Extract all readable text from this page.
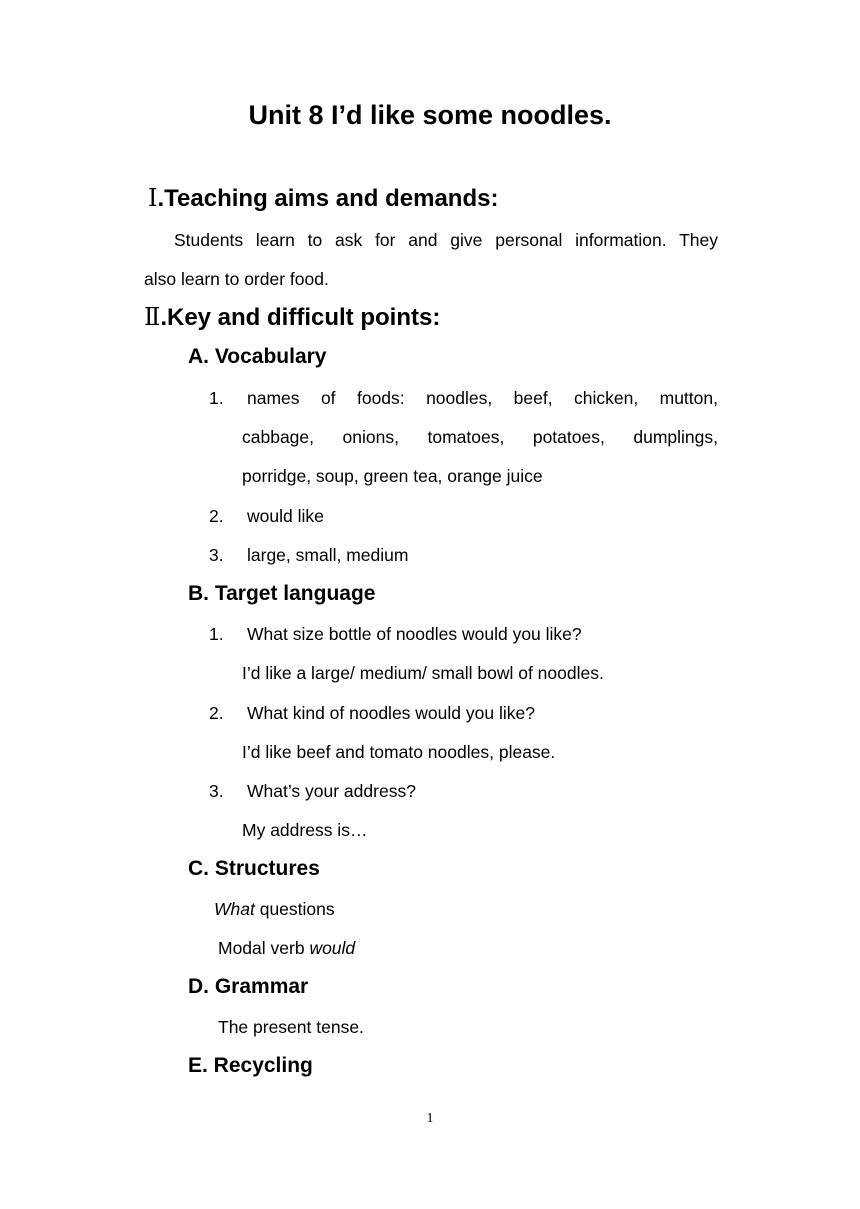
Unit 8 I’d like some noodles.
Ⅰ.Teaching aims and demands:
Students learn to ask for and give personal information. They
also learn to order food.
Ⅱ.Key and difficult points:
A. Vocabulary
1. names of foods: noodles, beef, chicken, mutton,
cabbage, onions, tomatoes, potatoes, dumplings,
porridge, soup, green tea, orange juice
2. would like
3. large, small, medium
B. Target language
1. What size bottle of noodles would you like?
I’d like a large/ medium/ small bowl of noodles.
2. What kind of noodles would you like?
I’d like beef and tomato noodles, please.
3. What’s your address?
My address is…
C. Structures
What questions
Modal verb would
D. Grammar
The present tense.
E. Recycling
1
